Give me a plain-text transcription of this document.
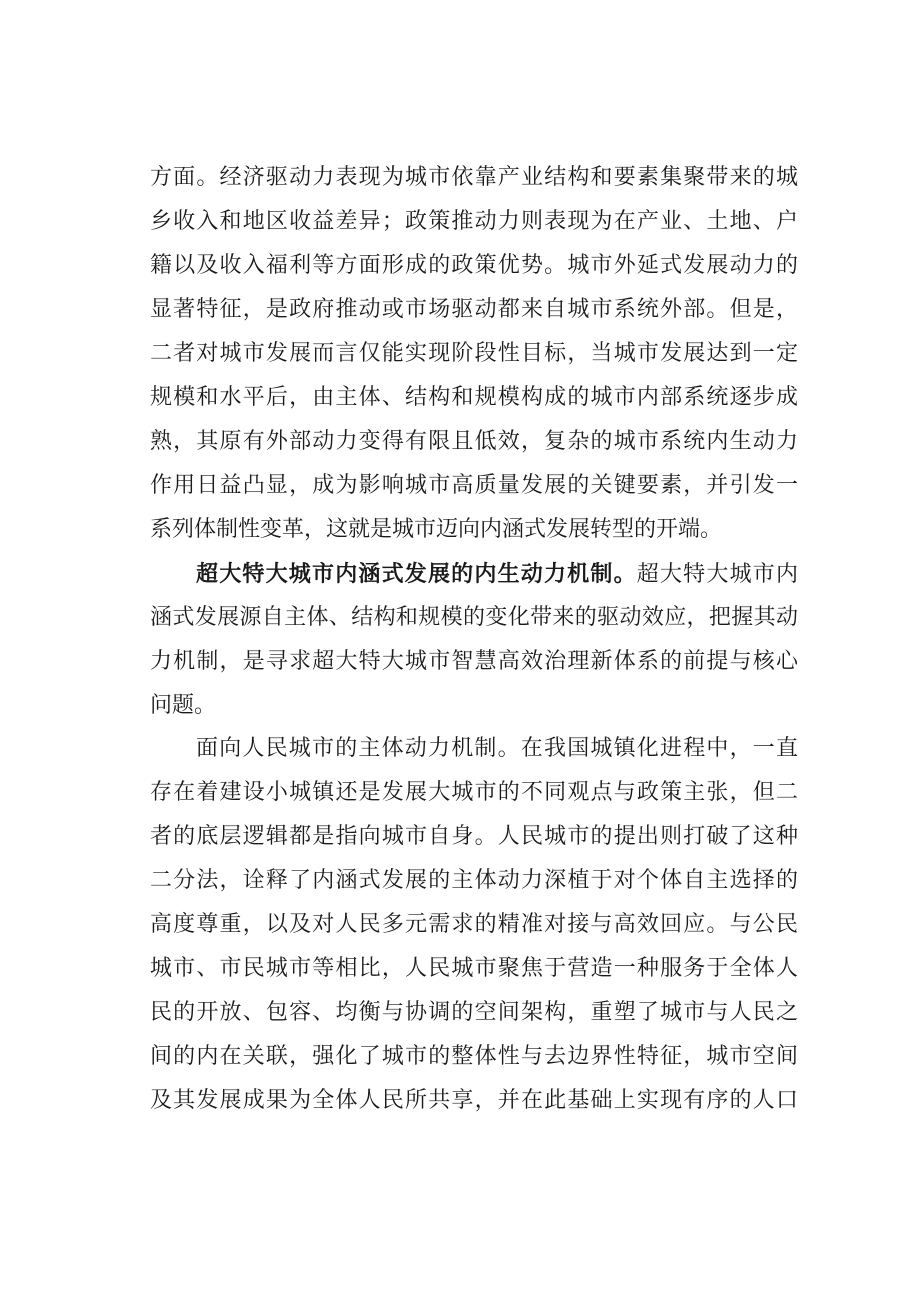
方面。经济驱动力表现为城市依靠产业结构和要素集聚带来的城
乡收入和地区收益差异；政策推动力则表现为在产业、土地、户
籍以及收入福利等方面形成的政策优势。城市外延式发展动力的
显著特征，是政府推动或市场驱动都来自城市系统外部。但是，
二者对城市发展而言仅能实现阶段性目标，当城市发展达到一定
规模和水平后，由主体、结构和规模构成的城市内部系统逐步成
熟，其原有外部动力变得有限且低效，复杂的城市系统内生动力
作用日益凸显，成为影响城市高质量发展的关键要素，并引发一
系列体制性变革，这就是城市迈向内涵式发展转型的开端。
超大特大城市内涵式发展的内生动力机制。超大特大城市内
涵式发展源自主体、结构和规模的变化带来的驱动效应，把握其动
力机制，是寻求超大特大城市智慧高效治理新体系的前提与核心
问题。
面向人民城市的主体动力机制。在我国城镇化进程中，一直
存在着建设小城镇还是发展大城市的不同观点与政策主张，但二
者的底层逻辑都是指向城市自身。人民城市的提出则打破了这种
二分法，诠释了内涵式发展的主体动力深植于对个体自主选择的
高度尊重，以及对人民多元需求的精准对接与高效回应。与公民
城市、市民城市等相比，人民城市聚焦于营造一种服务于全体人
民的开放、包容、均衡与协调的空间架构，重塑了城市与人民之
间的内在关联，强化了城市的整体性与去边界性特征，城市空间
及其发展成果为全体人民所共享，并在此基础上实现有序的人口
